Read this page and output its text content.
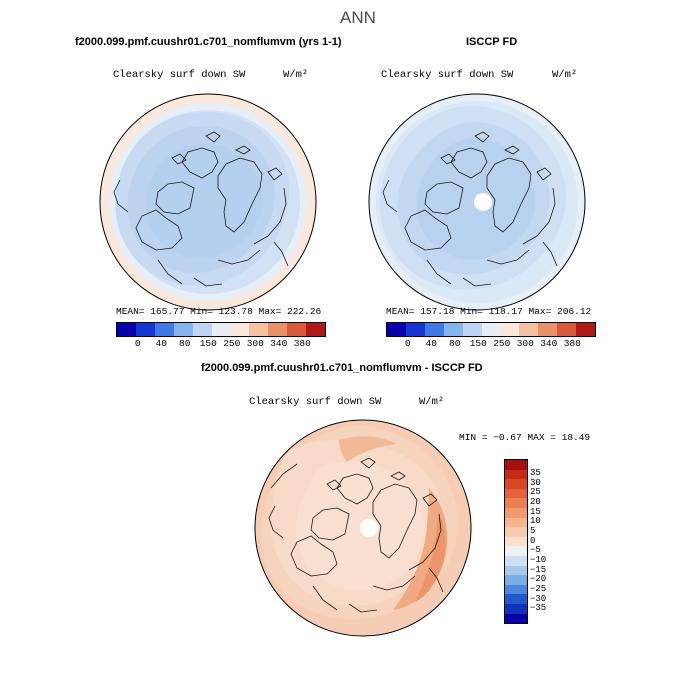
ANN
f2000.099.pmf.cuushr01.c701_nomflumvm (yrs 1-1)
Clearsky surf down SW	W/m²
MEAN= 165.77 Min= 123.78 Max= 222.26
0 40 80 150 250 300 340 380
ISCCP FD
Clearsky surf down SW	W/m²
MEAN= 157.18 Min= 118.17 Max= 206.12
0 40 80 150 250 300 340 380
f2000.099.pmf.cuushr01.c701_nomflumvm - ISCCP FD
Clearsky surf down SW	W/m²
MIN = −0.67 MAX = 18.49
35
30
25
20
15
10
5
0
−5
−10
−15
−20
−25
−30
−35
